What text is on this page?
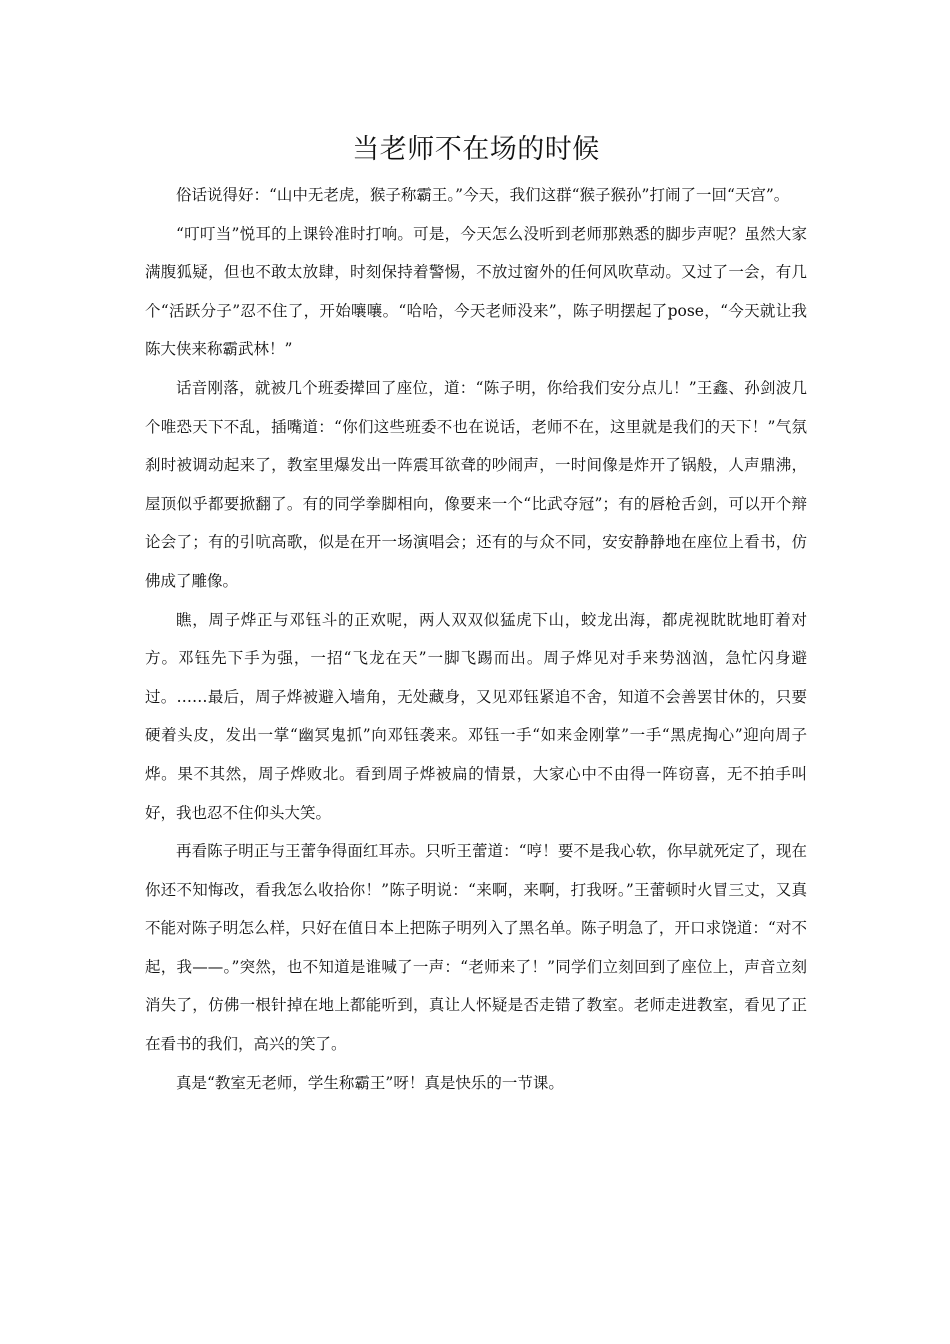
当老师不在场的时候

俗话说得好：“山中无老虎，猴子称霸王。”今天，我们这群“猴子猴孙”打闹了一回“天宫”。

“叮叮当”悦耳的上课铃准时打响。可是，今天怎么没听到老师那熟悉的脚步声呢？虽然大家满腹狐疑，但也不敢太放肆，时刻保持着警惕，不放过窗外的任何风吹草动。又过了一会，有几个“活跃分子”忍不住了，开始嚷嚷。“哈哈，今天老师没来”，陈子明摆起了pose，“今天就让我陈大侠来称霸武林！”

话音刚落，就被几个班委撵回了座位，道：“陈子明，你给我们安分点儿！”王鑫、孙剑波几个唯恐天下不乱，插嘴道：“你们这些班委不也在说话，老师不在，这里就是我们的天下！”气氛刹时被调动起来了，教室里爆发出一阵震耳欲聋的吵闹声，一时间像是炸开了锅般，人声鼎沸，屋顶似乎都要掀翻了。有的同学拳脚相向，像要来一个“比武夺冠”；有的唇枪舌剑，可以开个辩论会了；有的引吭高歌，似是在开一场演唱会；还有的与众不同，安安静静地在座位上看书，仿佛成了雕像。

瞧，周子烨正与邓钰斗的正欢呢，两人双双似猛虎下山，蛟龙出海，都虎视眈眈地盯着对方。邓钰先下手为强，一招“飞龙在天”一脚飞踢而出。周子烨见对手来势汹汹，急忙闪身避过。……最后，周子烨被避入墙角，无处藏身，又见邓钰紧追不舍，知道不会善罢甘休的，只要硬着头皮，发出一掌“幽冥鬼抓”向邓钰袭来。邓钰一手“如来金刚掌”一手“黑虎掏心”迎向周子烨。果不其然，周子烨败北。看到周子烨被扁的情景，大家心中不由得一阵窃喜，无不拍手叫好，我也忍不住仰头大笑。

再看陈子明正与王蕾争得面红耳赤。只听王蕾道：“哼！要不是我心软，你早就死定了，现在你还不知悔改，看我怎么收拾你！”陈子明说：“来啊，来啊，打我呀。”王蕾顿时火冒三丈，又真不能对陈子明怎么样，只好在值日本上把陈子明列入了黑名单。陈子明急了，开口求饶道：“对不起，我——。”突然，也不知道是谁喊了一声：“老师来了！”同学们立刻回到了座位上，声音立刻消失了，仿佛一根针掉在地上都能听到，真让人怀疑是否走错了教室。老师走进教室，看见了正在看书的我们，高兴的笑了。

真是“教室无老师，学生称霸王”呀！真是快乐的一节课。
